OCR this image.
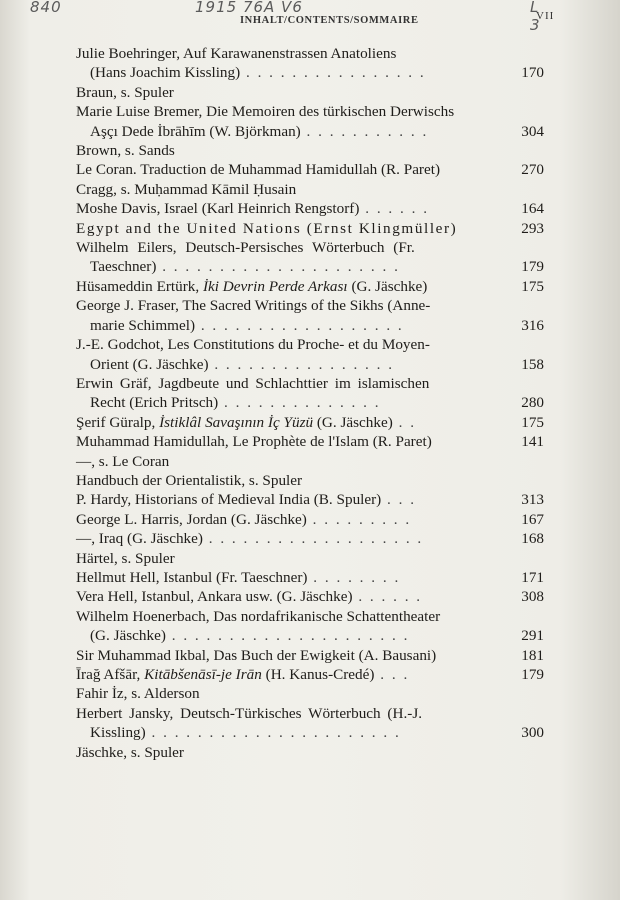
840	1915 76A V6	L 3
INHALT/CONTENTS/SOMMAIRE	VII
Julie Boehringer, Auf Karawanenstrassen Anatoliens
(Hans Joachim Kissling) . . . . . . . . . . . . . . . .	170
Braun, s. Spuler
Marie Luise Bremer, Die Memoiren des türkischen Derwischs
Aşçı Dede İbrāhīm (W. Björkman) . . . . . . . . . . .	304
Brown, s. Sands
Le Coran. Traduction de Muhammad Hamidullah (R. Paret)	270
Cragg, s. Muḥammad Kāmil Ḥusain
Moshe Davis, Israel (Karl Heinrich Rengstorf) . . . . . .	164
Egypt and the United Nations (Ernst Klingmüller)	293
Wilhelm Eilers, Deutsch-Persisches Wörterbuch (Fr.
Taeschner) . . . . . . . . . . . . . . . . . . . . .	179
Hüsameddin Ertürk, İki Devrin Perde Arkası (G. Jäschke)	175
George J. Fraser, The Sacred Writings of the Sikhs (Anne-
marie Schimmel) . . . . . . . . . . . . . . . . . .	316
J.-E. Godchot, Les Constitutions du Proche- et du Moyen-
Orient (G. Jäschke) . . . . . . . . . . . . . . . .	158
Erwin Gräf, Jagdbeute und Schlachttier im islamischen
Recht (Erich Pritsch) . . . . . . . . . . . . . .	280
Şerif Güralp, İstiklâl Savaşının İç Yüzü (G. Jäschke) . .	175
Muhammad Hamidullah, Le Prophète de l'Islam (R. Paret)	141
—, s. Le Coran
Handbuch der Orientalistik, s. Spuler
P. Hardy, Historians of Medieval India (B. Spuler) . . .	313
George L. Harris, Jordan (G. Jäschke) . . . . . . . . .	167
—, Iraq (G. Jäschke) . . . . . . . . . . . . . . . . . . .	168
Härtel, s. Spuler
Hellmut Hell, Istanbul (Fr. Taeschner) . . . . . . . .	171
Vera Hell, Istanbul, Ankara usw. (G. Jäschke) . . . . . .	308
Wilhelm Hoenerbach, Das nordafrikanische Schattentheater
(G. Jäschke) . . . . . . . . . . . . . . . . . . . . .	291
Sir Muhammad Ikbal, Das Buch der Ewigkeit (A. Bausani)	181
Īrağ Afšār, Kitābšenāsī-je Irān (H. Kanus-Credé) . . .	179
Fahir İz, s. Alderson
Herbert Jansky, Deutsch-Türkisches Wörterbuch (H.-J.
Kissling) . . . . . . . . . . . . . . . . . . . . . .	300
Jäschke, s. Spuler
